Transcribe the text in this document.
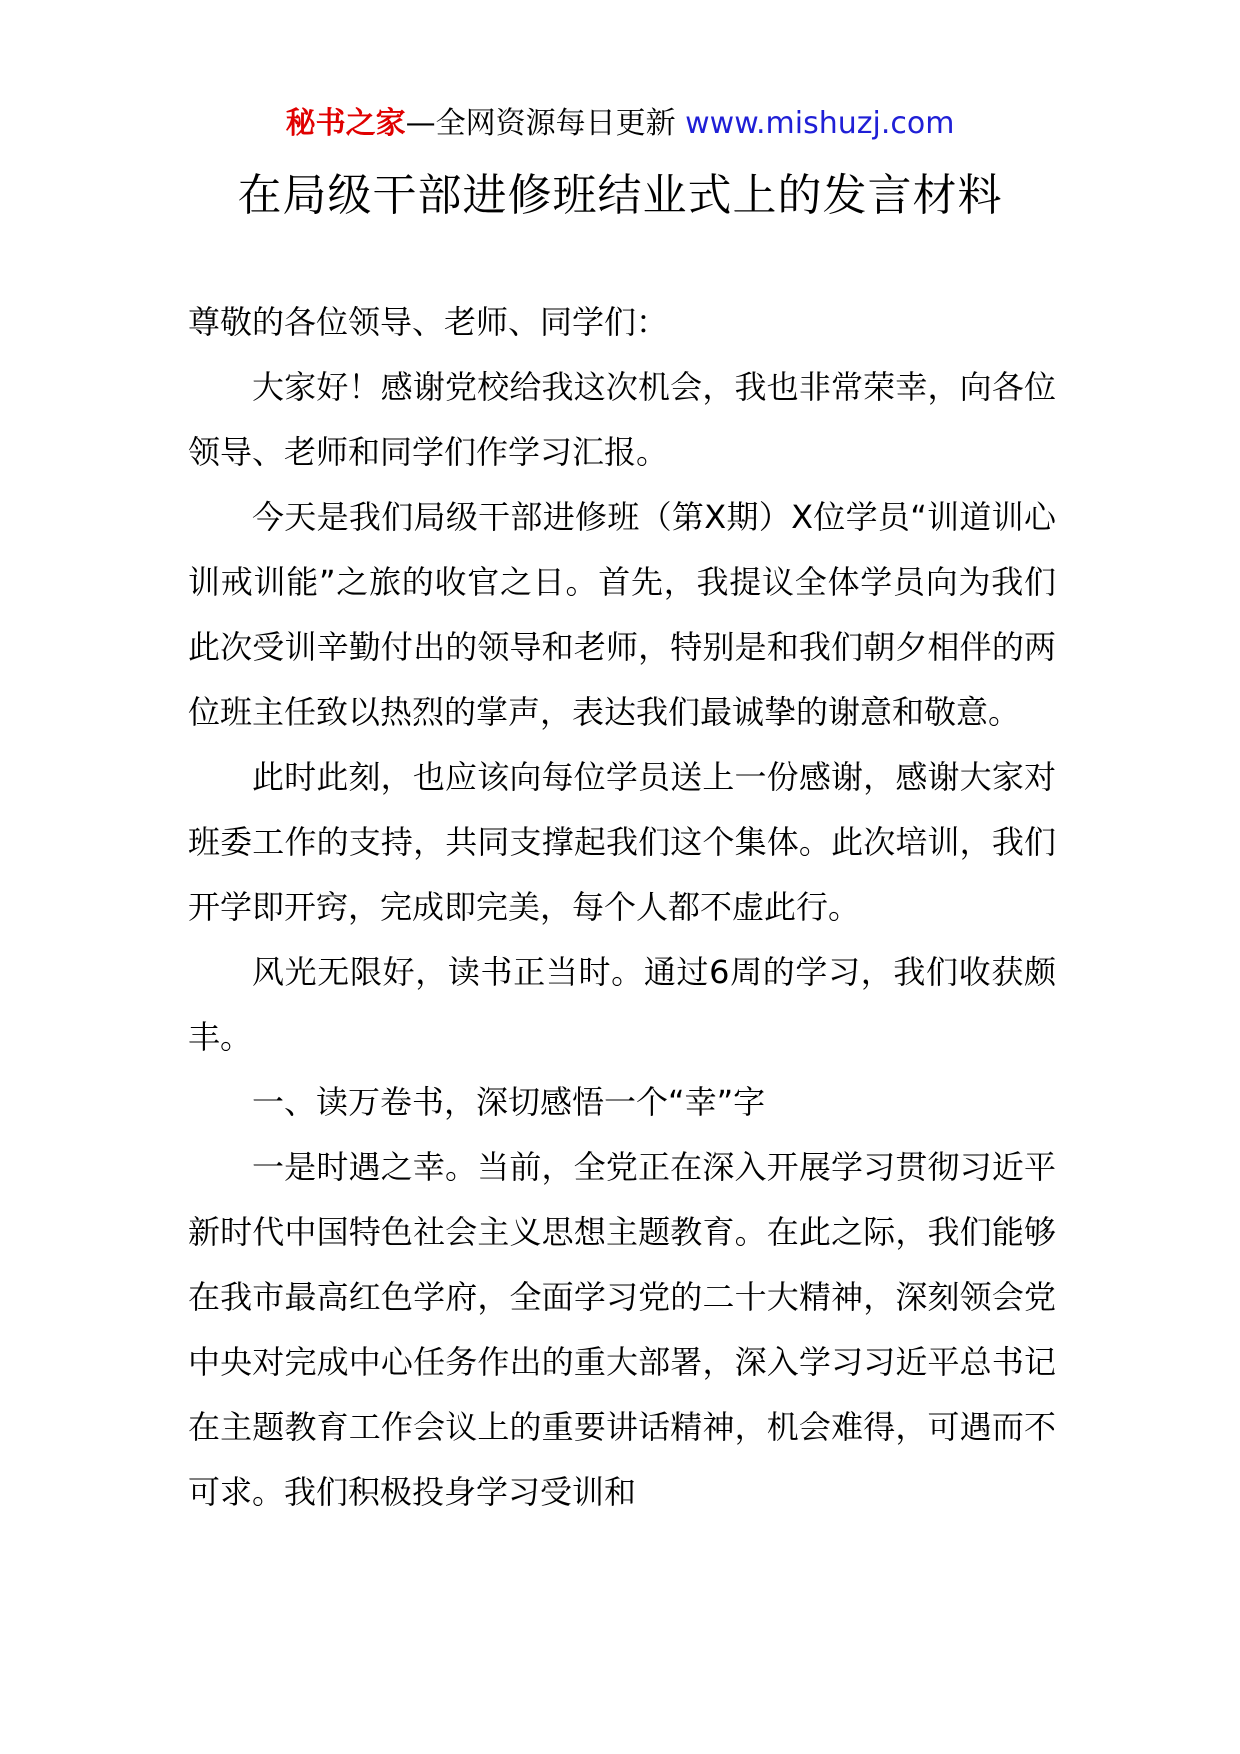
秘书之家—全网资源每日更新 www.mishuzj.com
在局级干部进修班结业式上的发言材料

尊敬的各位领导、老师、同学们：

大家好！感谢党校给我这次机会，我也非常荣幸，向各位领导、老师和同学们作学习汇报。

今天是我们局级干部进修班（第X期）X位学员“训道训心训戒训能”之旅的收官之日。首先，我提议全体学员向为我们此次受训辛勤付出的领导和老师，特别是和我们朝夕相伴的两位班主任致以热烈的掌声，表达我们最诚挚的谢意和敬意。

此时此刻，也应该向每位学员送上一份感谢，感谢大家对班委工作的支持，共同支撑起我们这个集体。此次培训，我们开学即开窍，完成即完美，每个人都不虚此行。

风光无限好，读书正当时。通过6周的学习，我们收获颇丰。

一、读万卷书，深切感悟一个“幸”字

一是时遇之幸。当前，全党正在深入开展学习贯彻习近平新时代中国特色社会主义思想主题教育。在此之际，我们能够在我市最高红色学府，全面学习党的二十大精神，深刻领会党中央对完成中心任务作出的重大部署，深入学习习近平总书记在主题教育工作会议上的重要讲话精神，机会难得，可遇而不可求。我们积极投身学习受训和
